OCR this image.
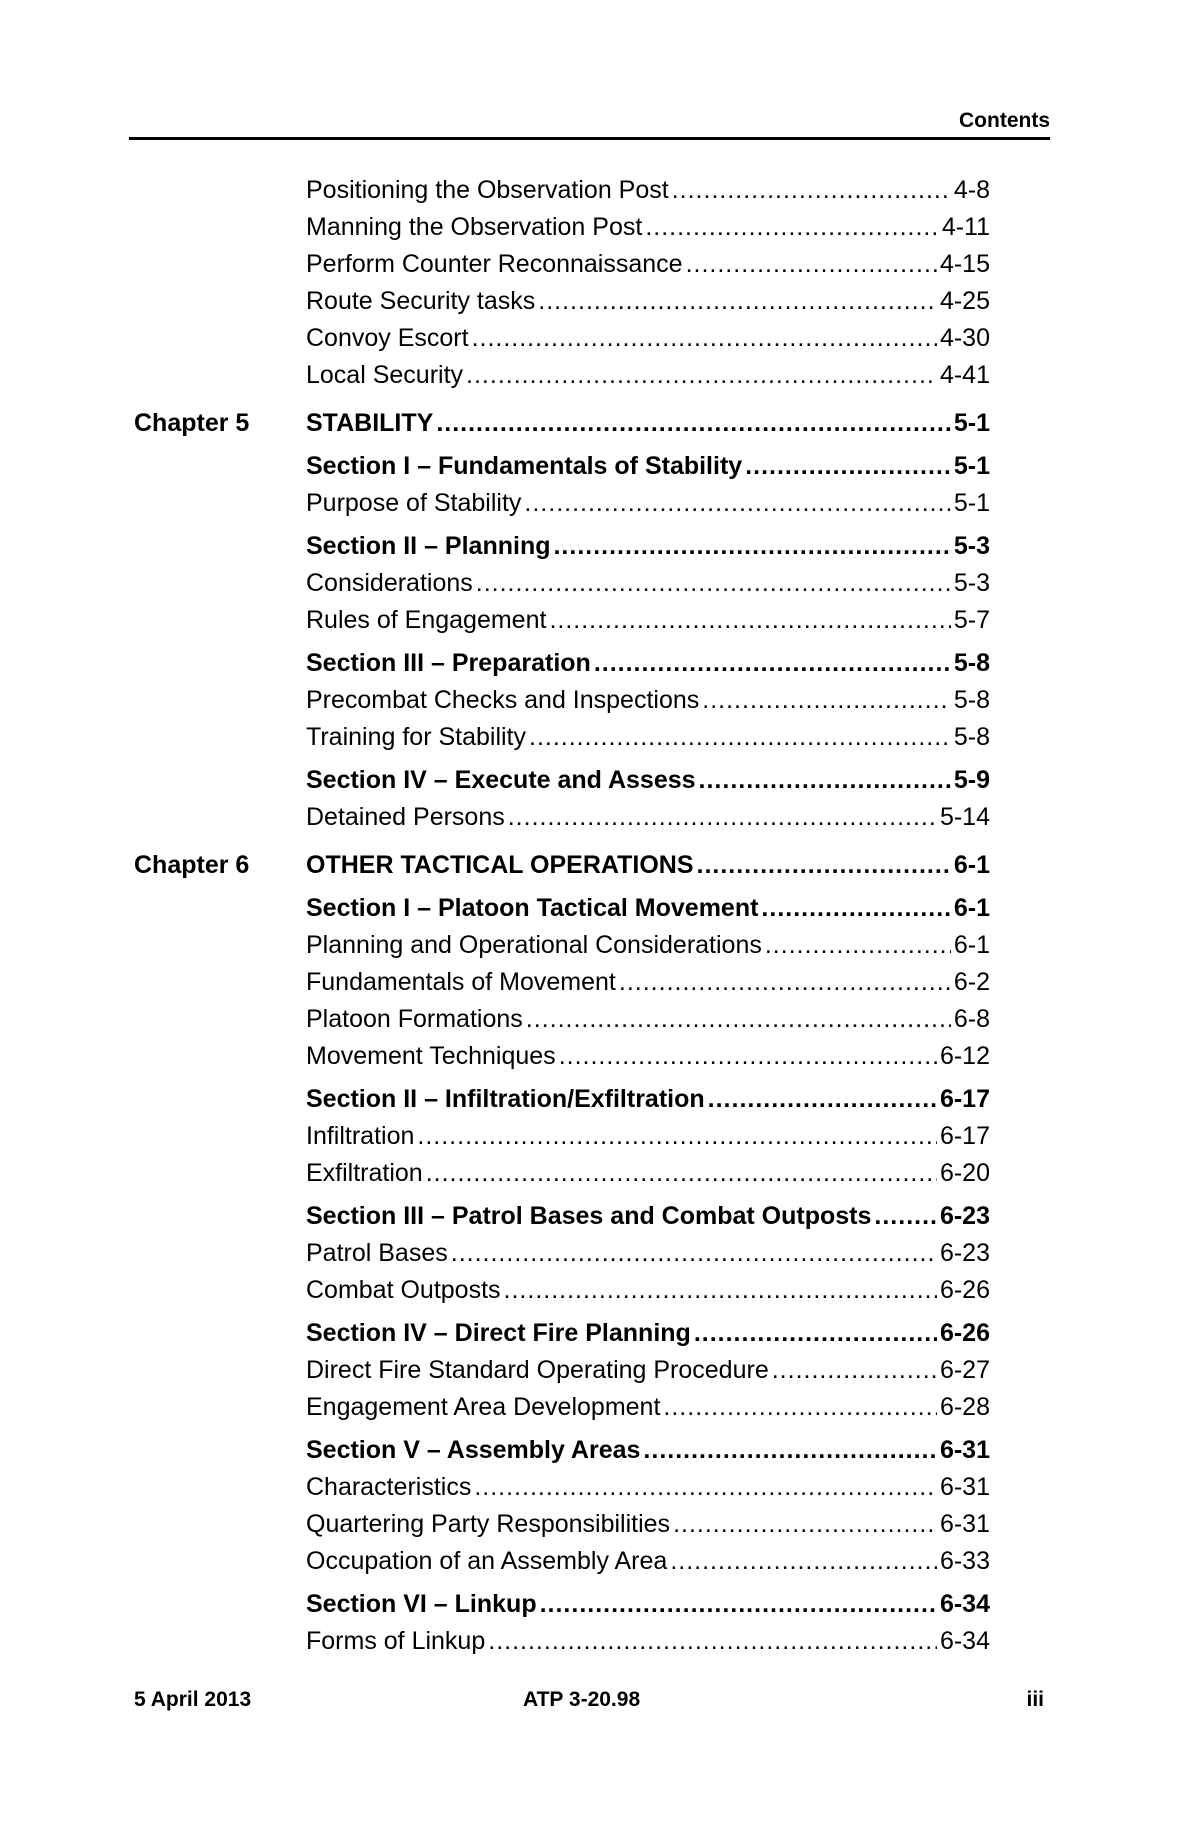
Contents
Positioning the Observation Post .....	4-8
Manning the Observation Post .....	4-11
Perform Counter Reconnaissance .....	4-15
Route Security tasks .....	4-25
Convoy Escort .....	4-30
Local Security .....	4-41
Chapter 5 STABILITY .....	5-1
Section I – Fundamentals of Stability .....	5-1
Purpose of Stability .....	5-1
Section II – Planning .....	5-3
Considerations .....	5-3
Rules of Engagement .....	5-7
Section III – Preparation .....	5-8
Precombat Checks and Inspections .....	5-8
Training for Stability .....	5-8
Section IV – Execute and Assess .....	5-9
Detained Persons .....	5-14
Chapter 6 OTHER TACTICAL OPERATIONS .....	6-1
Section I – Platoon Tactical Movement .....	6-1
Planning and Operational Considerations .....	6-1
Fundamentals of Movement .....	6-2
Platoon Formations .....	6-8
Movement Techniques .....	6-12
Section II – Infiltration/Exfiltration .....	6-17
Infiltration .....	6-17
Exfiltration .....	6-20
Section III – Patrol Bases and Combat Outposts .....	6-23
Patrol Bases .....	6-23
Combat Outposts .....	6-26
Section IV – Direct Fire Planning .....	6-26
Direct Fire Standard Operating Procedure .....	6-27
Engagement Area Development .....	6-28
Section V – Assembly Areas .....	6-31
Characteristics .....	6-31
Quartering Party Responsibilities .....	6-31
Occupation of an Assembly Area .....	6-33
Section VI – Linkup .....	6-34
Forms of Linkup .....	6-34
5 April 2013	ATP 3-20.98	iii
